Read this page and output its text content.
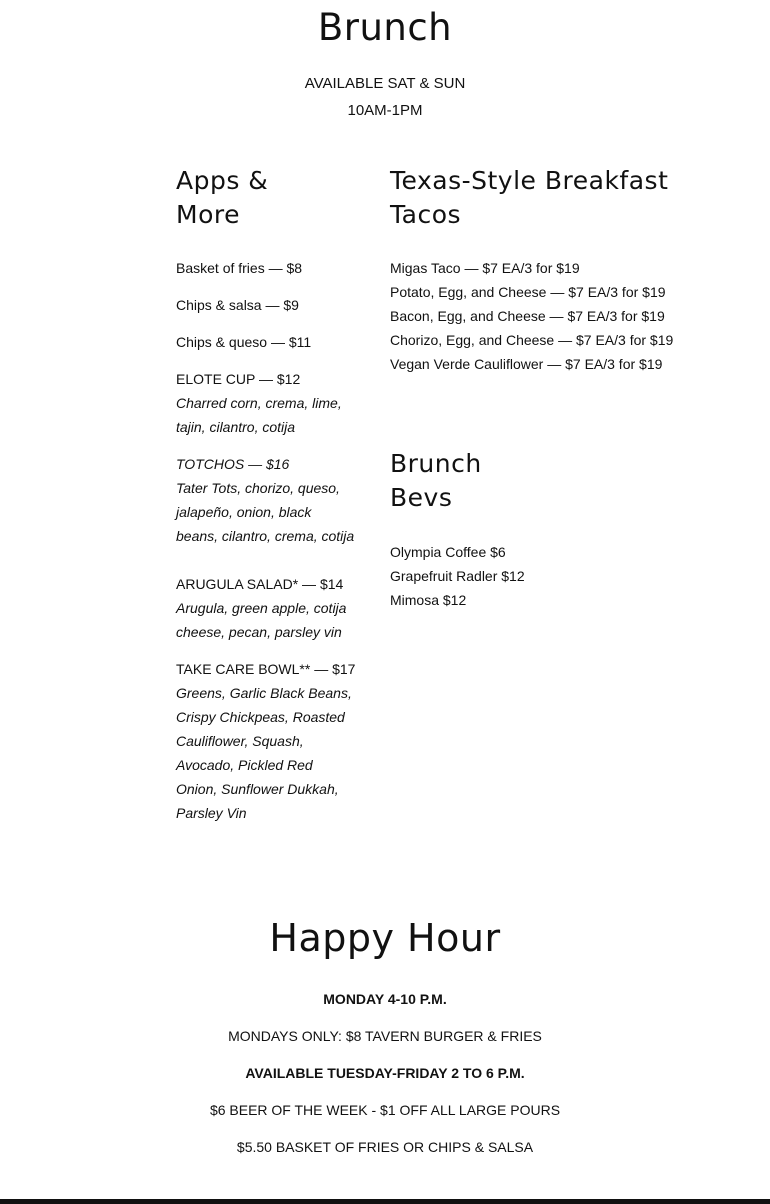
Brunch

AVAILABLE SAT & SUN

10AM-1PM

Apps & More
Texas-Style Breakfast Tacos
Brunch Bevs
Basket of fries — $8
Chips & salsa — $9
Chips & queso — $11
ELOTE CUP — $12
Charred corn, crema, lime, tajin, cilantro, cotija
TOTCHOS — $16
Tater Tots, chorizo, queso, jalapeño, onion, black beans, cilantro, crema, cotija
ARUGULA SALAD* — $14
Arugula, green apple, cotija cheese, pecan, parsley vin
TAKE CARE BOWL** — $17
Greens, Garlic Black Beans, Crispy Chickpeas, Roasted Cauliflower, Squash, Avocado, Pickled Red Onion, Sunflower Dukkah, Parsley Vin
Migas Taco — $7 EA/3 for $19
Potato, Egg, and Cheese — $7 EA/3 for $19
Bacon, Egg, and Cheese — $7 EA/3 for $19
Chorizo, Egg, and Cheese — $7 EA/3 for $19
Vegan Verde Cauliflower — $7 EA/3 for $19
Olympia Coffee $6
Grapefruit Radler $12
Mimosa $12
Happy Hour

MONDAY 4-10 P.M.

MONDAYS ONLY: $8 TAVERN BURGER & FRIES

AVAILABLE TUESDAY-FRIDAY 2 TO 6 P.M.

$6 BEER OF THE WEEK - $1 OFF ALL LARGE POURS

$5.50 BASKET OF FRIES OR CHIPS & SALSA
